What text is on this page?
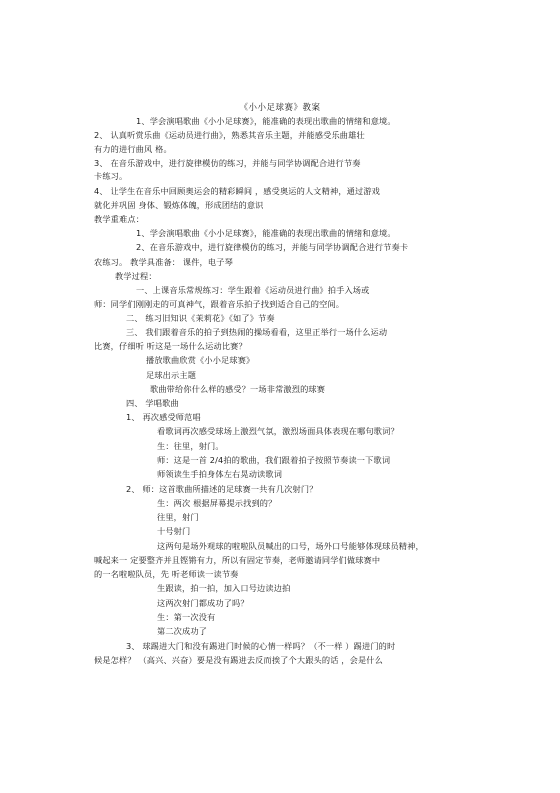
《小小足球赛》教案
1、学会演唱歌曲《小小足球赛》，能准确的表现出歌曲的情绪和意境。
2、 认真听赏乐曲《运动员进行曲》，熟悉其音乐主题，并能感受乐曲雄壮
有力的进行曲风 格。
3、 在音乐游戏中，进行旋律模仿的练习，并能与同学协调配合进行节奏
卡练习。
4、 让学生在音乐中回顾奥运会的精彩瞬间 ，感受奥运的人文精神，通过游戏
就化并巩固 身体、锻炼体魄，形成团结的意识
教学重难点：
1、学会演唱歌曲《小小足球赛》，能准确的表现出歌曲的情绪和意境。
2、在音乐游戏中，进行旋律模仿的练习，并能与同学协调配合进行节奏卡
农练习。 教学具准备： 课件，电子琴
教学过程：
一、上课音乐常规练习：学生跟着《运动员进行曲》拍手入场或
师：同学们刚刚走的可真神气，跟着音乐拍子找到适合自己的空间。
二、 练习旧知识《茉莉花》《如了》节奏
三、 我们跟着音乐的拍子到热闹的操场看看，这里正举行一场什么运动
比赛，仔细听 听这是一场什么运动比赛？
播放歌曲欣赏《小小足球赛》
足球出示主题
歌曲带给你什么样的感受？一场非常激烈的球赛
四、 学唱歌曲
1、 再次感受师范唱
看歌词再次感受球场上激烈气氛，激烈场面具体表现在哪句歌词？
生：往里，射门。
师：这是一首 2/4拍的歌曲，我们跟着拍子按照节奏读一下歌词
师领读生手拍身体左右晃动读歌词
2、 师：这首歌曲所描述的足球赛一共有几次射门？
生：两次 根据屏幕提示找到的？
往里，射门
十号射门
这两句是场外观球的啦啦队员喊出的口号，场外口号能够体现球员精神，
喊起来一 定要整齐并且铿锵有力，所以有固定节奏，老师邀请同学们做球赛中
的一名啦啦队员，先 听老师读一读节奏
生跟读，拍一拍，加入口号边读边拍
这两次射门都成功了吗？
生：第一次没有
第二次成功了
3、 球踢进大门和没有踢进门时候的心情一样吗？（不一样 ）踢进门的时
候是怎样？ （高兴、兴奋）要是没有踢进去反而挨了个大跟头的话 ，会是什么
